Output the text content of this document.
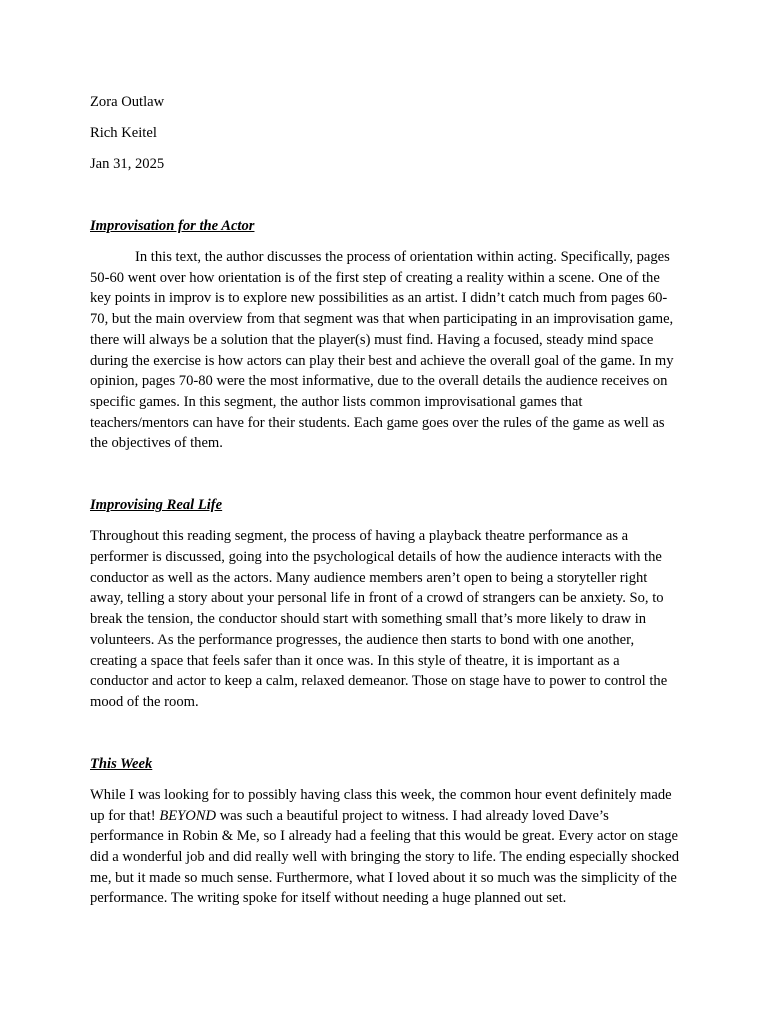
Zora Outlaw

Rich Keitel

Jan 31, 2025

Improvisation for the Actor

In this text, the author discusses the process of orientation within acting. Specifically, pages 50-60 went over how orientation is of the first step of creating a reality within a scene. One of the key points in improv is to explore new possibilities as an artist. I didn’t catch much from pages 60-70, but the main overview from that segment was that when participating in an improvisation game, there will always be a solution that the player(s) must find. Having a focused, steady mind space during the exercise is how actors can play their best and achieve the overall goal of the game. In my opinion, pages 70-80 were the most informative, due to the overall details the audience receives on specific games. In this segment, the author lists common improvisational games that teachers/mentors can have for their students. Each game goes over the rules of the game as well as the objectives of them.

Improvising Real Life

Throughout this reading segment, the process of having a playback theatre performance as a performer is discussed, going into the psychological details of how the audience interacts with the conductor as well as the actors. Many audience members aren’t open to being a storyteller right away, telling a story about your personal life in front of a crowd of strangers can be anxiety. So, to break the tension, the conductor should start with something small that’s more likely to draw in volunteers. As the performance progresses, the audience then starts to bond with one another, creating a space that feels safer than it once was. In this style of theatre, it is important as a conductor and actor to keep a calm, relaxed demeanor. Those on stage have to power to control the mood of the room.

This Week

While I was looking for to possibly having class this week, the common hour event definitely made up for that! BEYOND was such a beautiful project to witness. I had already loved Dave’s performance in Robin & Me, so I already had a feeling that this would be great. Every actor on stage did a wonderful job and did really well with bringing the story to life. The ending especially shocked me, but it made so much sense. Furthermore, what I loved about it so much was the simplicity of the performance. The writing spoke for itself without needing a huge planned out set.
